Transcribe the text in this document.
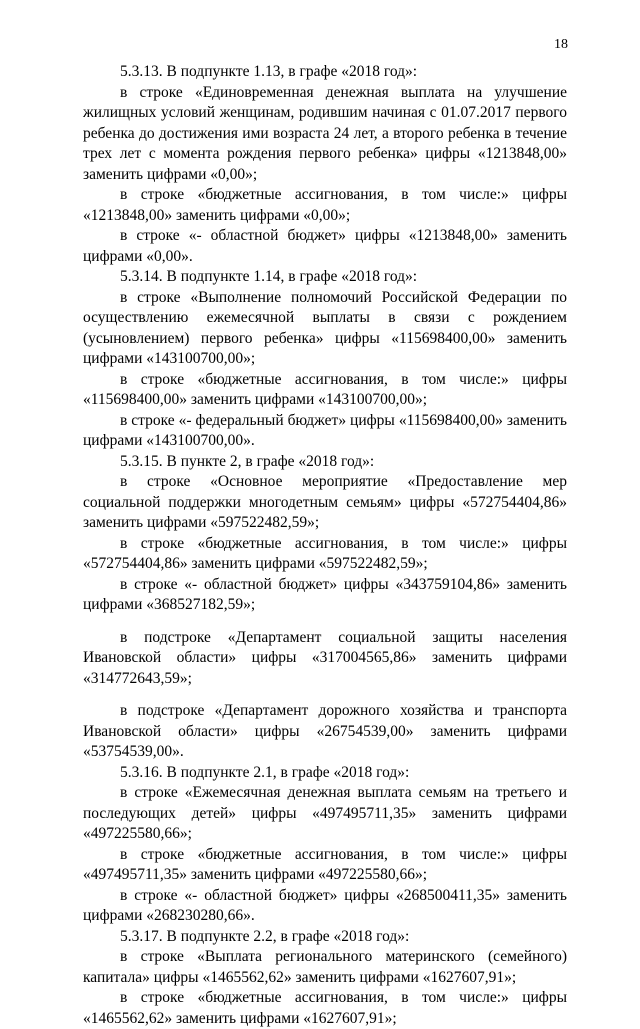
18

5.3.13. В подпункте 1.13, в графе «2018 год»:

в строке «Единовременная денежная выплата на улучшение жилищных условий женщинам, родившим начиная с 01.07.2017 первого ребенка до достижения ими возраста 24 лет, а второго ребенка в течение трех лет с момента рождения первого ребенка» цифры «1213848,00» заменить цифрами «0,00»;

в строке «бюджетные ассигнования, в том числе:» цифры «1213848,00» заменить цифрами «0,00»;

в строке «- областной бюджет» цифры «1213848,00» заменить цифрами «0,00».

5.3.14. В подпункте 1.14, в графе «2018 год»:

в строке «Выполнение полномочий Российской Федерации по осуществлению ежемесячной выплаты в связи с рождением (усыновлением) первого ребенка» цифры «115698400,00» заменить цифрами «143100700,00»;

в строке «бюджетные ассигнования, в том числе:» цифры «115698400,00» заменить цифрами «143100700,00»;

в строке «- федеральный бюджет» цифры «115698400,00» заменить цифрами «143100700,00».

5.3.15. В пункте 2, в графе «2018 год»:

в строке «Основное мероприятие «Предоставление мер социальной поддержки многодетным семьям» цифры «572754404,86» заменить цифрами «597522482,59»;

в строке «бюджетные ассигнования, в том числе:» цифры «572754404,86» заменить цифрами «597522482,59»;

в строке «- областной бюджет» цифры «343759104,86» заменить цифрами «368527182,59»;

в подстроке «Департамент социальной защиты населения Ивановской области» цифры «317004565,86» заменить цифрами «314772643,59»;

в подстроке «Департамент дорожного хозяйства и транспорта Ивановской области» цифры «26754539,00» заменить цифрами «53754539,00».

5.3.16. В подпункте 2.1, в графе «2018 год»:

в строке «Ежемесячная денежная выплата семьям на третьего и последующих детей» цифры «497495711,35» заменить цифрами «497225580,66»;

в строке «бюджетные ассигнования, в том числе:» цифры «497495711,35» заменить цифрами «497225580,66»;

в строке «- областной бюджет» цифры «268500411,35» заменить цифрами «268230280,66».

5.3.17. В подпункте 2.2, в графе «2018 год»:

в строке «Выплата регионального материнского (семейного) капитала» цифры «1465562,62» заменить цифрами «1627607,91»;

в строке «бюджетные ассигнования, в том числе:» цифры «1465562,62» заменить цифрами «1627607,91»;
